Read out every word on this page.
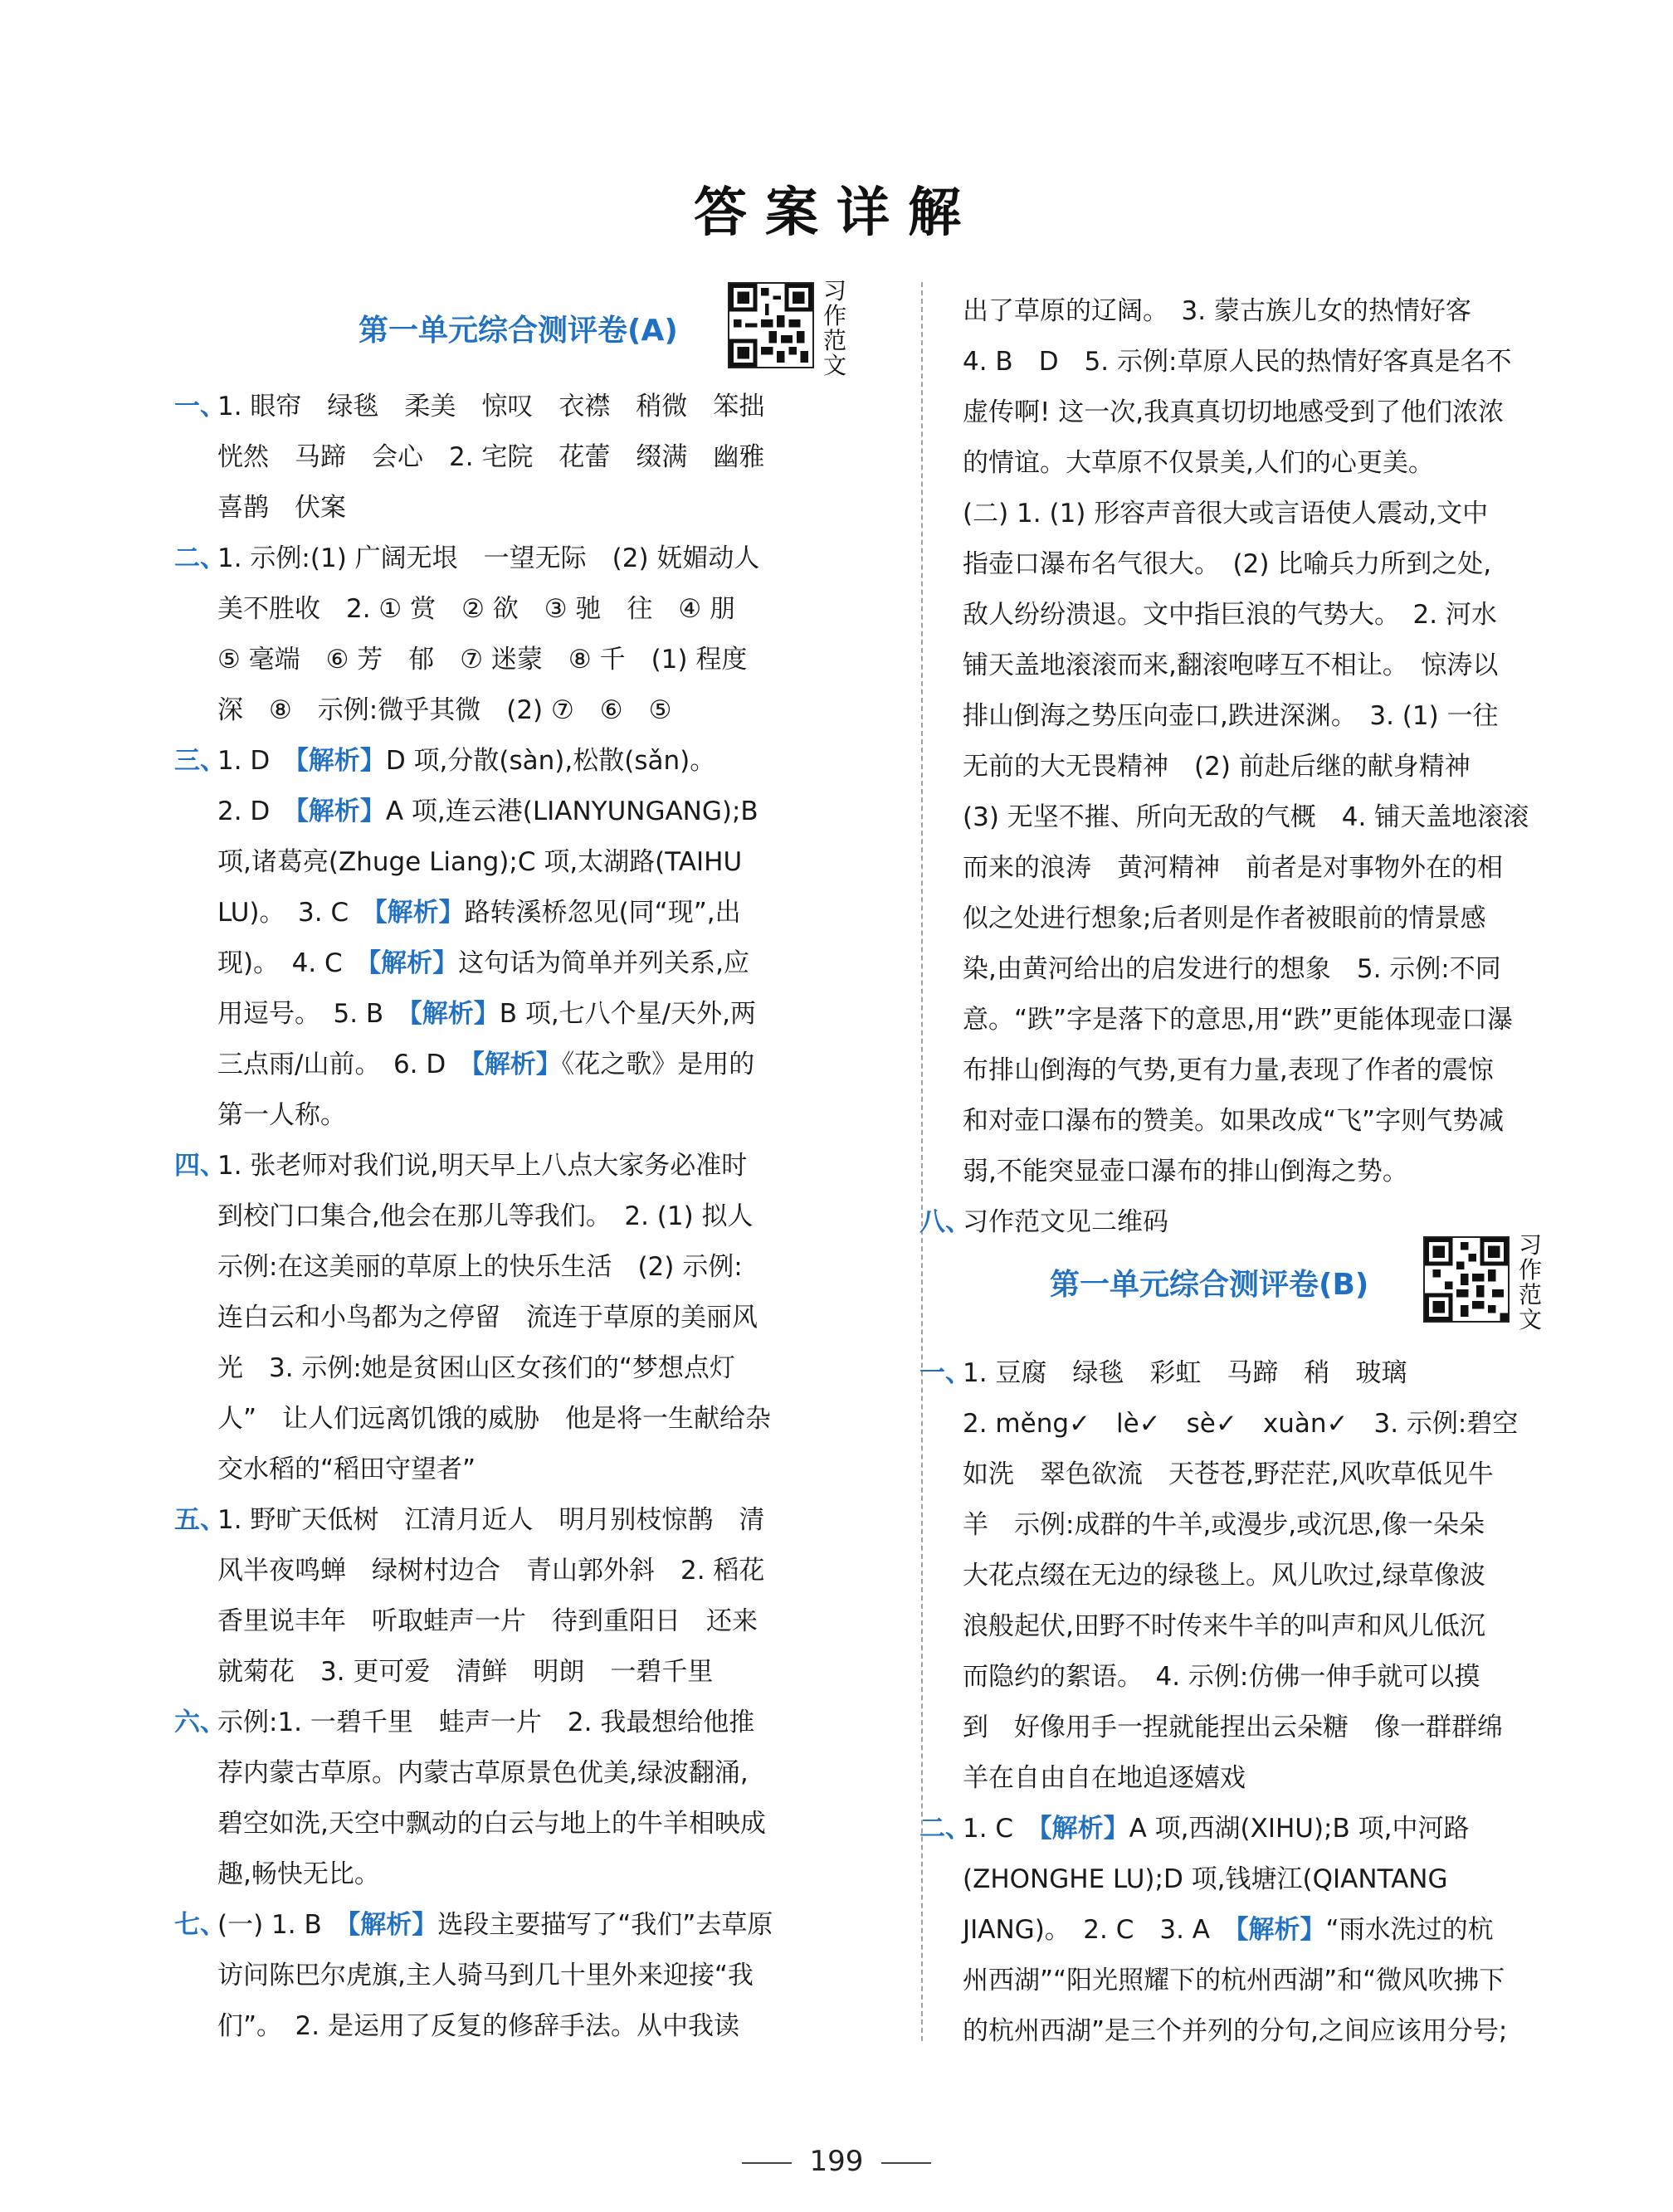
答案详解
第一单元综合测评卷(A)
习作范文
一、
1. 眼帘　绿毯　柔美　惊叹　衣襟　稍微　笨拙
恍然　马蹄　会心　2. 宅院　花蕾　缀满　幽雅
喜鹊　伏案
二、
1. 示例:(1) 广阔无垠　一望无际　(2) 妩媚动人
美不胜收　2. ① 赏　② 欲　③ 驰　往　④ 朋
⑤ 毫端　⑥ 芳　郁　⑦ 迷蒙　⑧ 千　(1) 程度
深　⑧　示例:微乎其微　(2) ⑦　⑥　⑤
三、
1. D　【解析】D 项,分散(sàn),松散(sǎn)。
2. D　【解析】A 项,连云港(LIANYUNGANG);B
项,诸葛亮(Zhuge Liang);C 项,太湖路(TAIHU
LU)。　3. C　【解析】路转溪桥忽见(同“现”,出
现)。　4. C　【解析】这句话为简单并列关系,应
用逗号。　5. B　【解析】B 项,七八个星/天外,两
三点雨/山前。　6. D　【解析】《花之歌》是用的
第一人称。
四、
1. 张老师对我们说,明天早上八点大家务必准时
到校门口集合,他会在那儿等我们。　2. (1) 拟人
示例:在这美丽的草原上的快乐生活　(2) 示例:
连白云和小鸟都为之停留　流连于草原的美丽风
光　3. 示例:她是贫困山区女孩们的“梦想点灯
人”　让人们远离饥饿的威胁　他是将一生献给杂
交水稻的“稻田守望者”
五、
1. 野旷天低树　江清月近人　明月别枝惊鹊　清
风半夜鸣蝉　绿树村边合　青山郭外斜　2. 稻花
香里说丰年　听取蛙声一片　待到重阳日　还来
就菊花　3. 更可爱　清鲜　明朗　一碧千里
六、
示例:1. 一碧千里　蛙声一片　2. 我最想给他推
荐内蒙古草原。内蒙古草原景色优美,绿波翻涌,
碧空如洗,天空中飘动的白云与地上的牛羊相映成
趣,畅快无比。
七、
(一) 1. B　【解析】选段主要描写了“我们”去草原
访问陈巴尔虎旗,主人骑马到几十里外来迎接“我
们”。　2. 是运用了反复的修辞手法。从中我读
出了草原的辽阔。　3. 蒙古族儿女的热情好客
4. B　D　5. 示例:草原人民的热情好客真是名不
虚传啊! 这一次,我真真切切地感受到了他们浓浓
的情谊。大草原不仅景美,人们的心更美。
(二) 1. (1) 形容声音很大或言语使人震动,文中
指壶口瀑布名气很大。　(2) 比喻兵力所到之处,
敌人纷纷溃退。文中指巨浪的气势大。　2. 河水
铺天盖地滚滚而来,翻滚咆哮互不相让。　惊涛以
排山倒海之势压向壶口,跌进深渊。　3. (1) 一往
无前的大无畏精神　(2) 前赴后继的献身精神
(3) 无坚不摧、所向无敌的气概　4. 铺天盖地滚滚
而来的浪涛　黄河精神　前者是对事物外在的相
似之处进行想象;后者则是作者被眼前的情景感
染,由黄河给出的启发进行的想象　5. 示例:不同
意。“跌”字是落下的意思,用“跌”更能体现壶口瀑
布排山倒海的气势,更有力量,表现了作者的震惊
和对壶口瀑布的赞美。如果改成“飞”字则气势减
弱,不能突显壶口瀑布的排山倒海之势。
八、
习作范文见二维码
第一单元综合测评卷(B)
习作范文
一、
1. 豆腐　绿毯　彩虹　马蹄　稍　玻璃
2. měng✓　lè✓　sè✓　xuàn✓　3. 示例:碧空
如洗　翠色欲流　天苍苍,野茫茫,风吹草低见牛
羊　示例:成群的牛羊,或漫步,或沉思,像一朵朵
大花点缀在无边的绿毯上。风儿吹过,绿草像波
浪般起伏,田野不时传来牛羊的叫声和风儿低沉
而隐约的絮语。　4. 示例:仿佛一伸手就可以摸
到　好像用手一捏就能捏出云朵糖　像一群群绵
羊在自由自在地追逐嬉戏
二、
1. C　【解析】A 项,西湖(XIHU);B 项,中河路
(ZHONGHE LU);D 项,钱塘江(QIANTANG
JIANG)。　2. C　3. A　【解析】“雨水洗过的杭
州西湖”“阳光照耀下的杭州西湖”和“微风吹拂下
的杭州西湖”是三个并列的分句,之间应该用分号;
199
